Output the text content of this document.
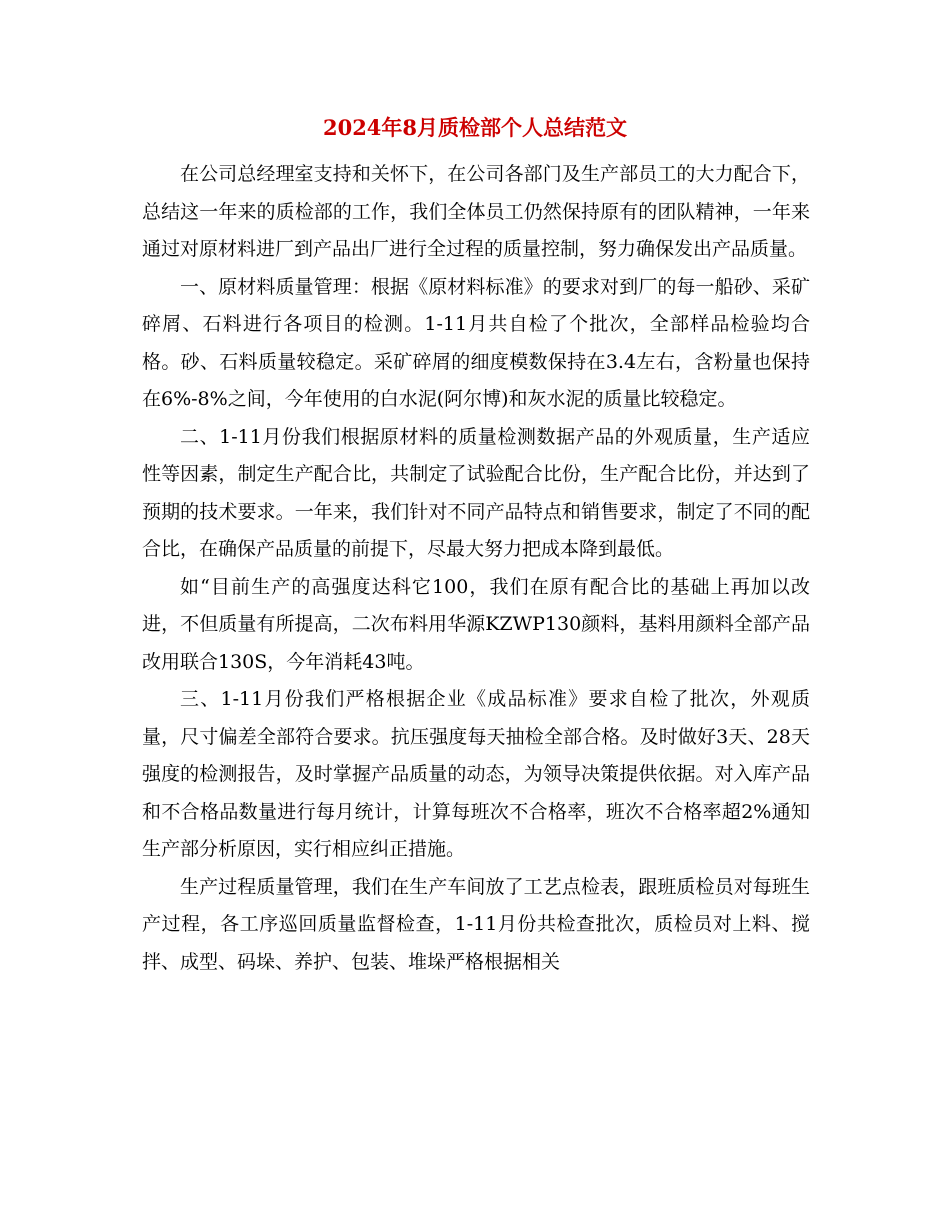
2024年8月质检部个人总结范文

在公司总经理室支持和关怀下，在公司各部门及生产部员工的大力配合下，总结这一年来的质检部的工作，我们全体员工仍然保持原有的团队精神，一年来通过对原材料进厂到产品出厂进行全过程的质量控制，努力确保发出产品质量。

一、原材料质量管理：根据《原材料标准》的要求对到厂的每一船砂、采矿碎屑、石料进行各项目的检测。1-11月共自检了个批次，全部样品检验均合格。砂、石料质量较稳定。采矿碎屑的细度模数保持在3.4左右，含粉量也保持在6%-8%之间，今年使用的白水泥(阿尔博)和灰水泥的质量比较稳定。

二、1-11月份我们根据原材料的质量检测数据产品的外观质量，生产适应性等因素，制定生产配合比，共制定了试验配合比份，生产配合比份，并达到了预期的技术要求。一年来，我们针对不同产品特点和销售要求，制定了不同的配合比，在确保产品质量的前提下，尽最大努力把成本降到最低。

如“目前生产的高强度达科它100，我们在原有配合比的基础上再加以改进，不但质量有所提高，二次布料用华源KZWP130颜料，基料用颜料全部产品改用联合130S，今年消耗43吨。

三、1-11月份我们严格根据企业《成品标准》要求自检了批次，外观质量，尺寸偏差全部符合要求。抗压强度每天抽检全部合格。及时做好3天、28天强度的检测报告，及时掌握产品质量的动态，为领导决策提供依据。对入库产品和不合格品数量进行每月统计，计算每班次不合格率，班次不合格率超2%通知生产部分析原因，实行相应纠正措施。

生产过程质量管理，我们在生产车间放了工艺点检表，跟班质检员对每班生产过程，各工序巡回质量监督检查，1-11月份共检查批次，质检员对上料、搅拌、成型、码垛、养护、包装、堆垛严格根据相关
